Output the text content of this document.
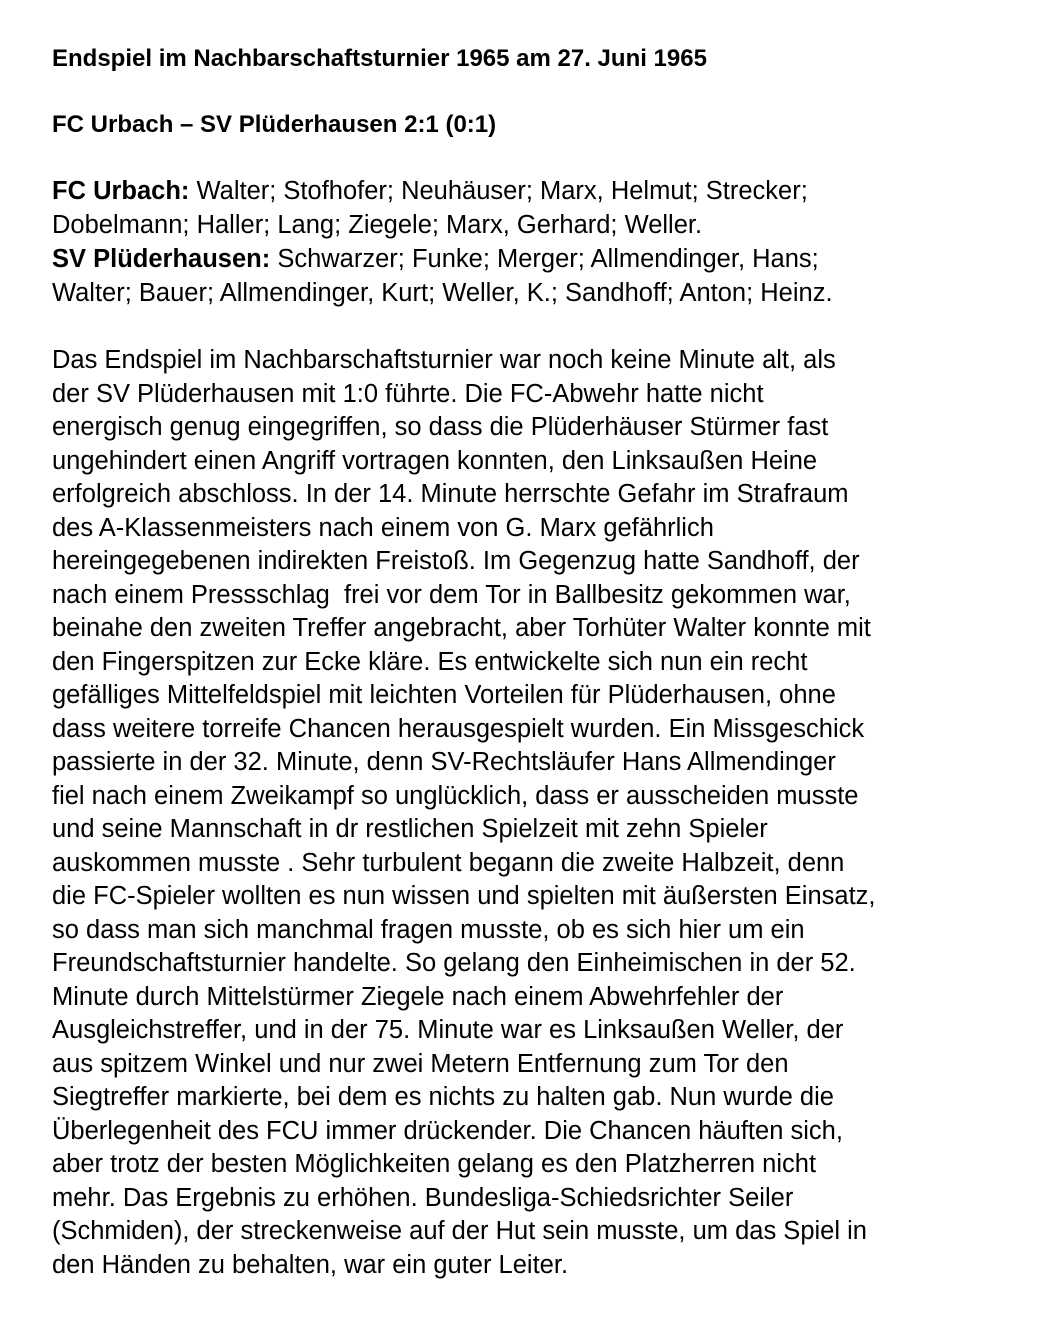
Endspiel im Nachbarschaftsturnier 1965 am 27. Juni 1965
FC Urbach – SV Plüderhausen 2:1 (0:1)
FC Urbach: Walter; Stofhofer; Neuhäuser; Marx, Helmut; Strecker;
Dobelmann; Haller; Lang; Ziegele; Marx, Gerhard; Weller.
SV Plüderhausen: Schwarzer; Funke; Merger; Allmendinger, Hans;
Walter; Bauer; Allmendinger, Kurt; Weller, K.; Sandhoff; Anton; Heinz.
Das Endspiel im Nachbarschaftsturnier war noch keine Minute alt, als
der SV Plüderhausen mit 1:0 führte. Die FC-Abwehr hatte nicht
energisch genug eingegriffen, so dass die Plüderhäuser Stürmer fast
ungehindert einen Angriff vortragen konnten, den Linksaußen Heine
erfolgreich abschloss. In der 14. Minute herrschte Gefahr im Strafraum
des A-Klassenmeisters nach einem von G. Marx gefährlich
hereingegebenen indirekten Freistoß. Im Gegenzug hatte Sandhoff, der
nach einem Pressschlag  frei vor dem Tor in Ballbesitz gekommen war,
beinahe den zweiten Treffer angebracht, aber Torhüter Walter konnte mit
den Fingerspitzen zur Ecke kläre. Es entwickelte sich nun ein recht
gefälliges Mittelfeldspiel mit leichten Vorteilen für Plüderhausen, ohne
dass weitere torreife Chancen herausgespielt wurden. Ein Missgeschick
passierte in der 32. Minute, denn SV-Rechtsläufer Hans Allmendinger
fiel nach einem Zweikampf so unglücklich, dass er ausscheiden musste
und seine Mannschaft in dr restlichen Spielzeit mit zehn Spieler
auskommen musste . Sehr turbulent begann die zweite Halbzeit, denn
die FC-Spieler wollten es nun wissen und spielten mit äußersten Einsatz,
so dass man sich manchmal fragen musste, ob es sich hier um ein
Freundschaftsturnier handelte. So gelang den Einheimischen in der 52.
Minute durch Mittelstürmer Ziegele nach einem Abwehrfehler der
Ausgleichstreffer, und in der 75. Minute war es Linksaußen Weller, der
aus spitzem Winkel und nur zwei Metern Entfernung zum Tor den
Siegtreffer markierte, bei dem es nichts zu halten gab. Nun wurde die
Überlegenheit des FCU immer drückender. Die Chancen häuften sich,
aber trotz der besten Möglichkeiten gelang es den Platzherren nicht
mehr. Das Ergebnis zu erhöhen. Bundesliga-Schiedsrichter Seiler
(Schmiden), der streckenweise auf der Hut sein musste, um das Spiel in
den Händen zu behalten, war ein guter Leiter.
